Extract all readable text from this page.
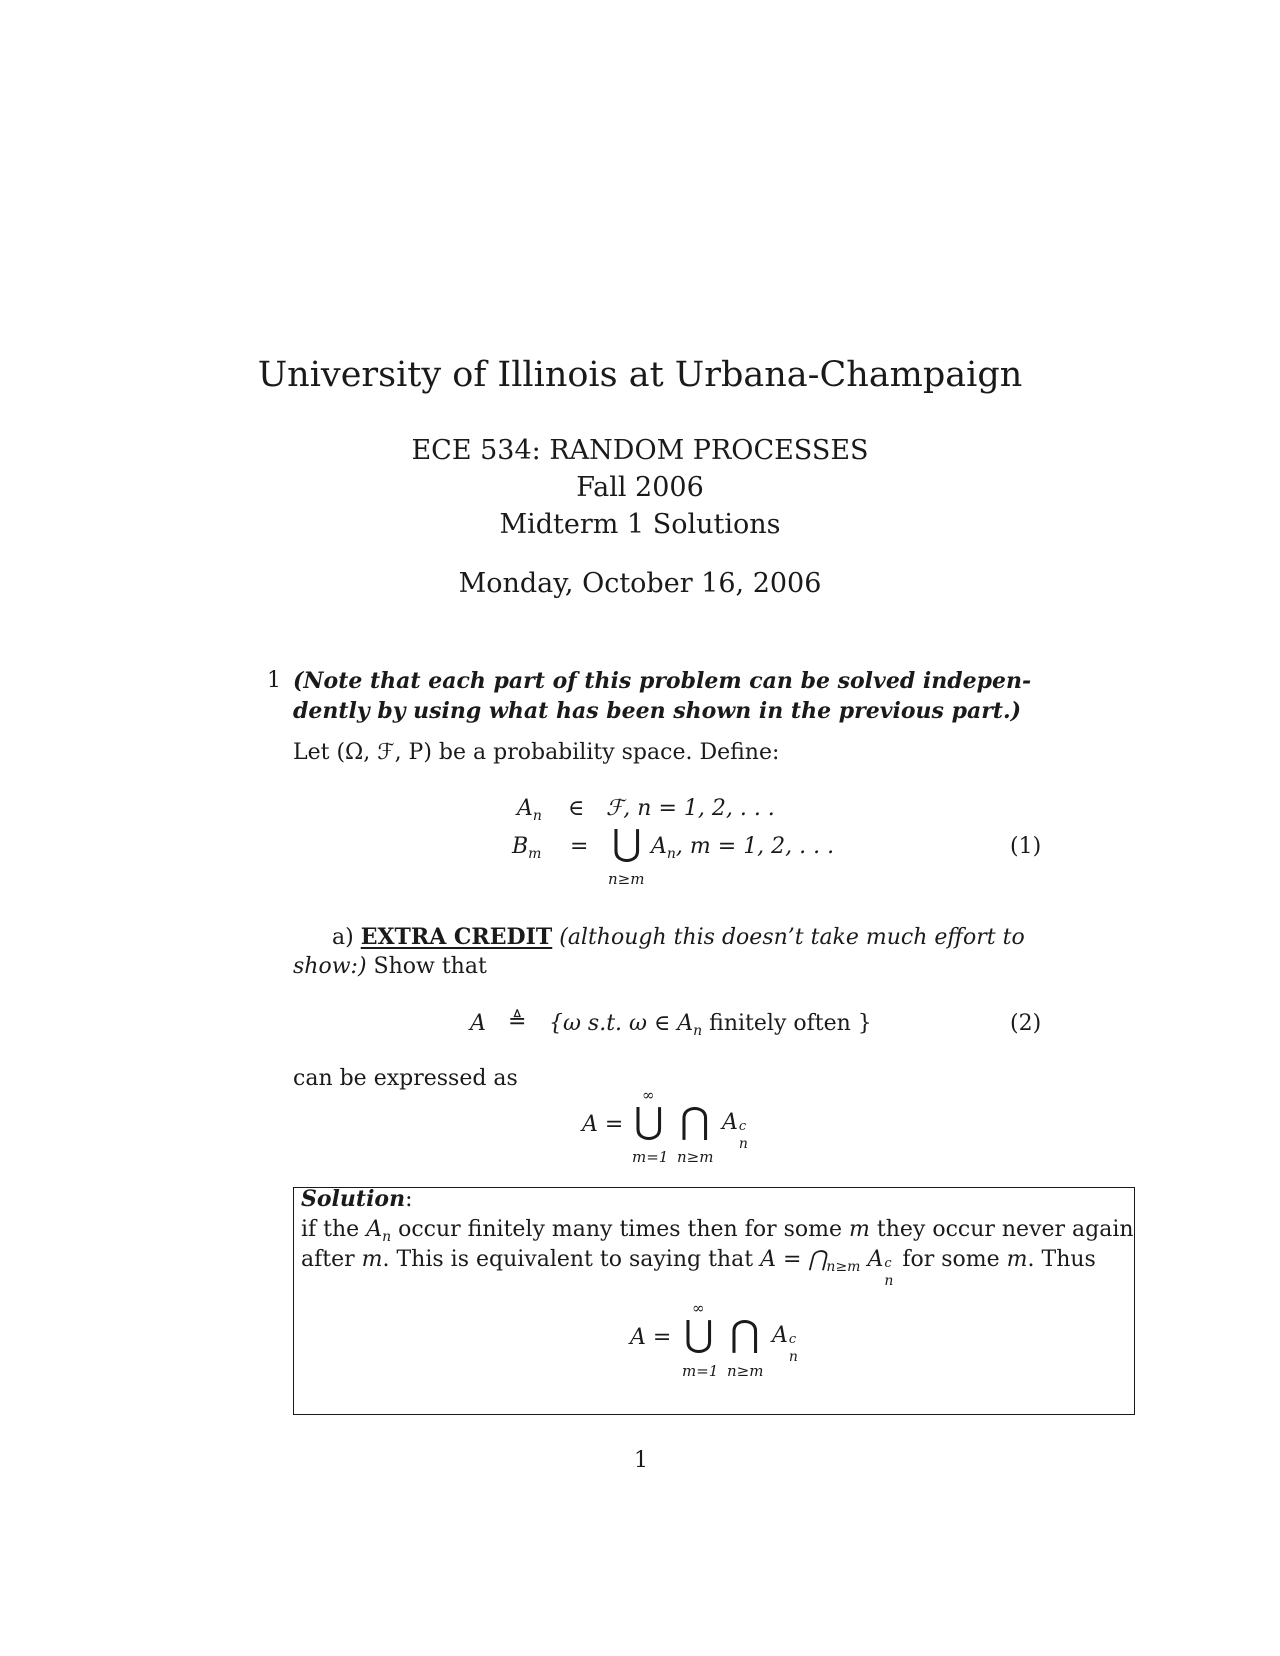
University of Illinois at Urbana-Champaign
ECE 534: RANDOM PROCESSES
Fall 2006
Midterm 1 Solutions
Monday, October 16, 2006
1 (Note that each part of this problem can be solved indepen-
dently by using what has been shown in the previous part.)
Let (Ω, ℱ, P) be a probability space. Define:
$A_n$ ∈ ℱ, n = 1, 2, . . .
$B_m$ = ⋃
n≥m
$A_n$, m = 1, 2, . . .	(1)
a) EXTRA CREDIT (although this doesn’t take much effort to
show:) Show that
A ≜ {ω s.t. ω ∈ $A_n$ finitely often }	(2)
can be expressed as
A =
∞
⋃ ⋂
m=1 n≥m
A c
n
Solution:
if the $A_n$ occur finitely many times then for some m they occur never again
after m. This is equivalent to saying that $A = ⋂_{n\ge m}$ A c
n
for some m. Thus
A =
∞
⋃ ⋂
m=1 n≥m
A c
n
1
